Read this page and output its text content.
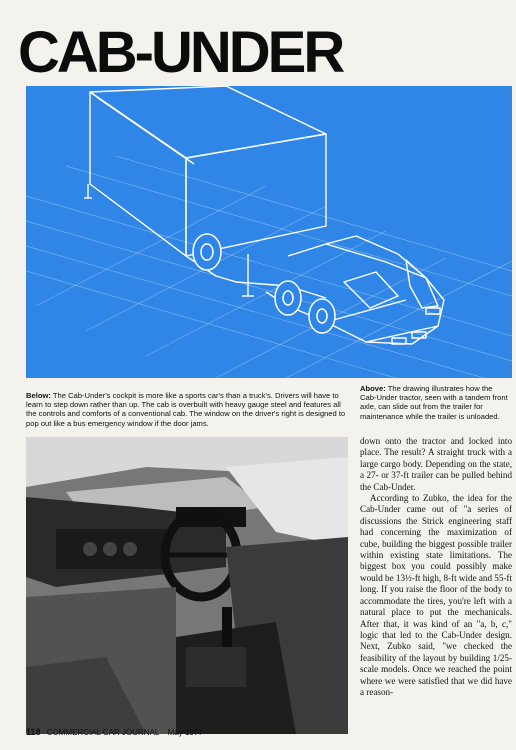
CAB-UNDER

Below: The Cab-Under's cockpit is more like a sports car's than a truck's. Drivers will have to learn to step down rather than up. The cab is overbuilt with heavy gauge steel and features all the controls and comforts of a conventional cab. The window on the driver's right is designed to pop out like a bus emergency window if the door jams.

Above: The drawing illustrates how the Cab-Under tractor, seen with a tandem front axle, can slide out from the trailer for maintenance while the trailer is unloaded.

down onto the tractor and locked into place. The result? A straight truck with a large cargo body. Depending on the state, a 27- or 37-ft trailer can be pulled behind the Cab-Under.

According to Zubko, the idea for the Cab-Under came out of "a series of discussions the Strick engineering staff had concerning the maximization of cube, building the biggest possible trailer within existing state limitations. The biggest box you could possibly make would be 13½-ft high, 8-ft wide and 55-ft long. If you raise the floor of the body to accommodate the tires, you're left with a natural place to put the mechanicals. After that, it was kind of an "a, b, c," logic that led to the Cab-Under design. Next, Zubko said, "we checked the feasibility of the layout by building 1/25-scale models. Once we reached the point where we were satisfied that we did have a reason-

118 COMMERCIAL CAR JOURNAL May 1977
